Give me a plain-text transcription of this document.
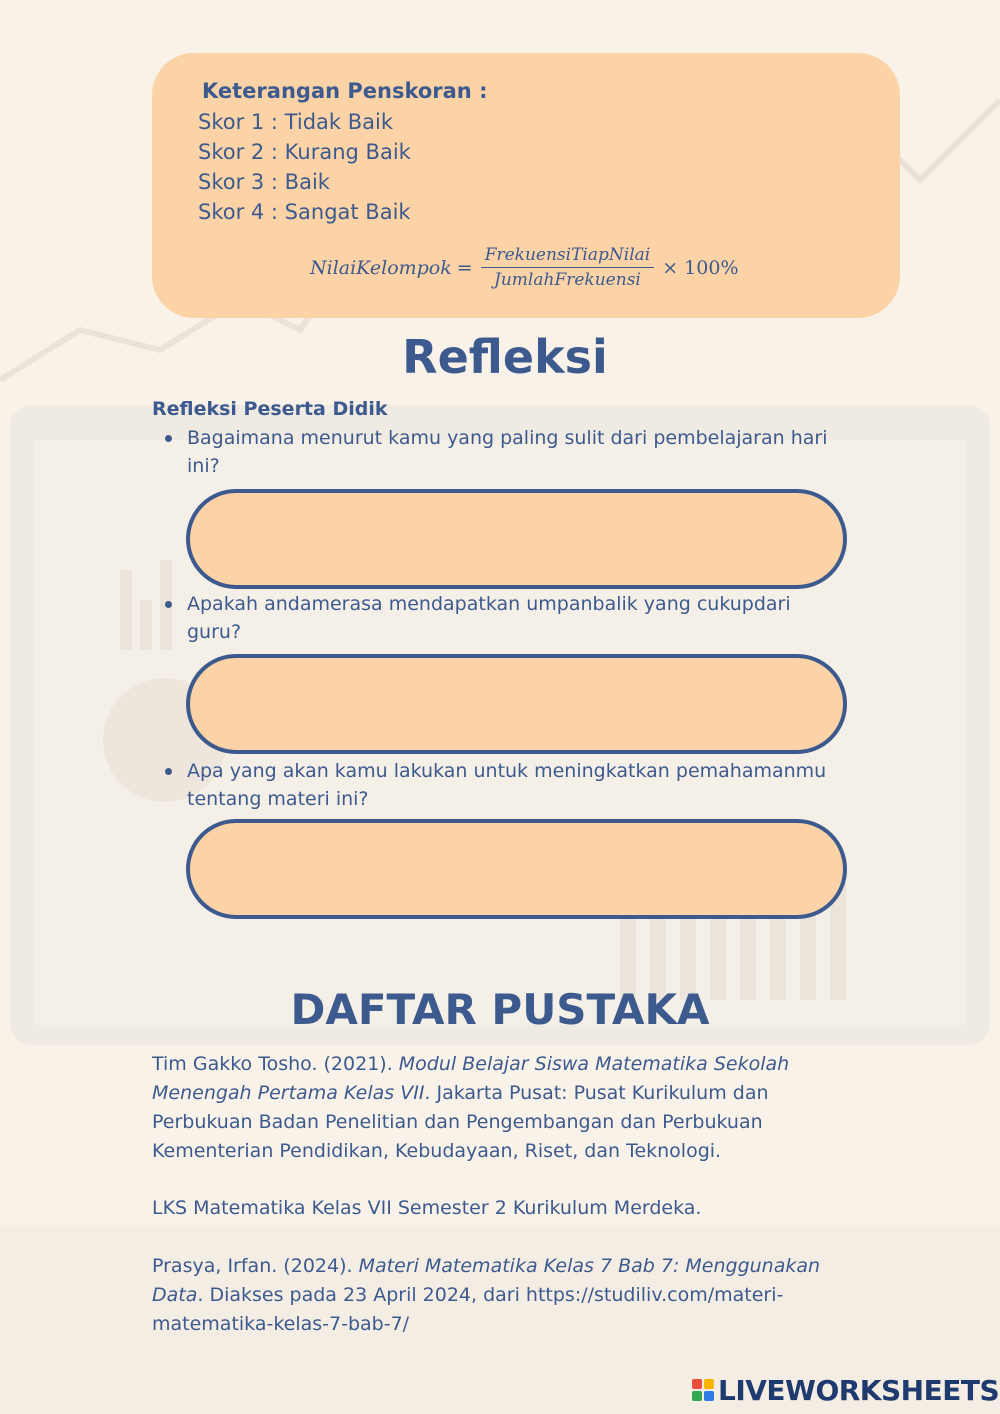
Keterangan Penskoran :
Skor 1 : Tidak Baik
Skor 2 : Kurang Baik
Skor 3 : Baik
Skor 4 : Sangat Baik
NilaiKelompok = $\frac{\text{FrekuensiTiapNilai}}{\text{JumlahFrekuensi}} \times 100\%$
Refleksi
Refleksi Peserta Didik
Bagaimana menurut kamu yang paling sulit dari pembelajaran hari ini?
Apakah andamerasa mendapatkan umpanbalik yang cukupdari guru?
Apa yang akan kamu lakukan untuk meningkatkan pemahamanmu tentang materi ini?
DAFTAR PUSTAKA
Tim Gakko Tosho. (2021). Modul Belajar Siswa Matematika Sekolah Menengah Pertama Kelas VII. Jakarta Pusat: Pusat Kurikulum dan Perbukuan Badan Penelitian dan Pengembangan dan Perbukuan Kementerian Pendidikan, Kebudayaan, Riset, dan Teknologi.
LKS Matematika Kelas VII Semester 2 Kurikulum Merdeka.
Prasya, Irfan. (2024). Materi Matematika Kelas 7 Bab 7: Menggunakan Data. Diakses pada 23 April 2024, dari https://studiliv.com/materi-matematika-kelas-7-bab-7/
LIVEWORKSHEETS
